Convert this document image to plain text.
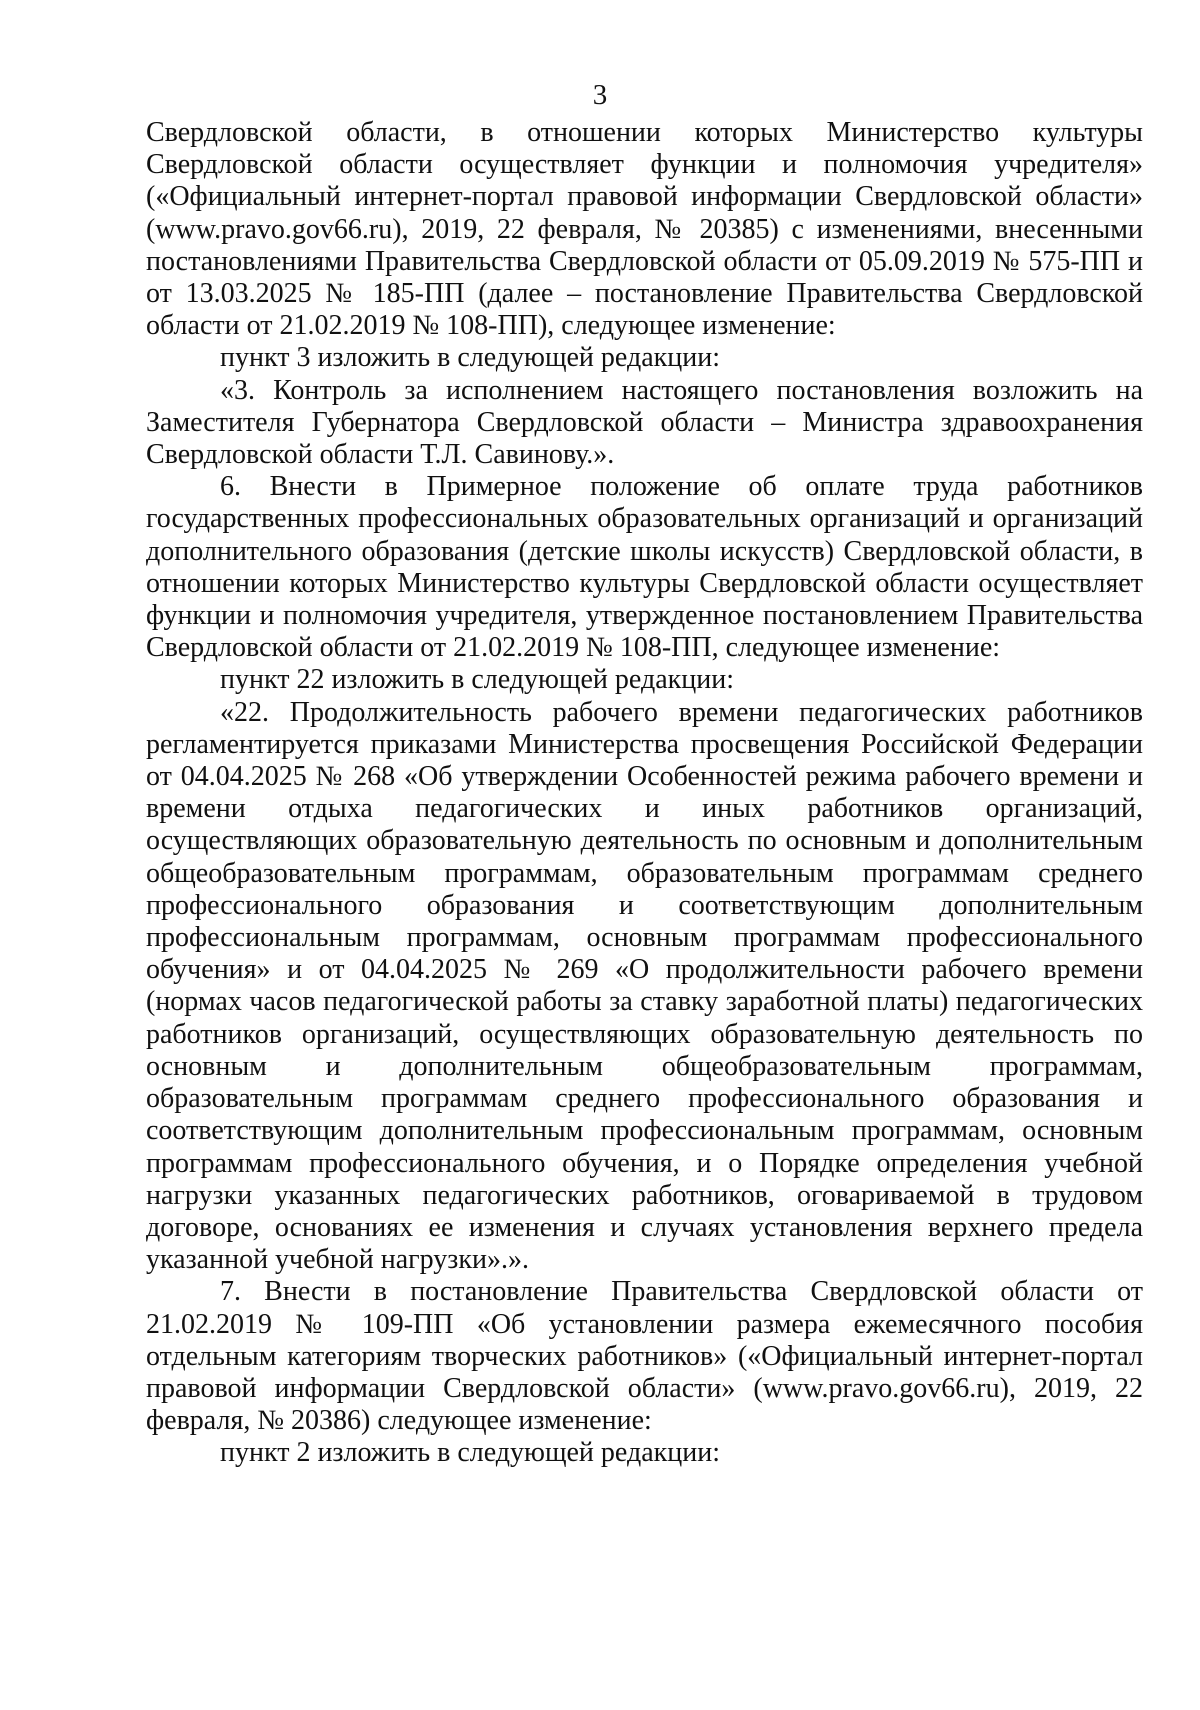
3

Свердловской области, в отношении которых Министерство культуры Свердловской области осуществляет функции и полномочия учредителя» («Официальный интернет-портал правовой информации Свердловской области» (www.pravo.gov66.ru), 2019, 22 февраля, № 20385) с изменениями, внесенными постановлениями Правительства Свердловской области от 05.09.2019 № 575-ПП и от 13.03.2025 № 185-ПП (далее – постановление Правительства Свердловской области от 21.02.2019 № 108-ПП), следующее изменение:

пункт 3 изложить в следующей редакции:

«3. Контроль за исполнением настоящего постановления возложить на Заместителя Губернатора Свердловской области – Министра здравоохранения Свердловской области Т.Л. Савинову.».

6. Внести в Примерное положение об оплате труда работников государственных профессиональных образовательных организаций и организаций дополнительного образования (детские школы искусств) Свердловской области, в отношении которых Министерство культуры Свердловской области осуществляет функции и полномочия учредителя, утвержденное постановлением Правительства Свердловской области от 21.02.2019 № 108-ПП, следующее изменение:

пункт 22 изложить в следующей редакции:

«22. Продолжительность рабочего времени педагогических работников регламентируется приказами Министерства просвещения Российской Федерации от 04.04.2025 № 268 «Об утверждении Особенностей режима рабочего времени и времени отдыха педагогических и иных работников организаций, осуществляющих образовательную деятельность по основным и дополнительным общеобразовательным программам, образовательным программам среднего профессионального образования и соответствующим дополнительным профессиональным программам, основным программам профессионального обучения» и от 04.04.2025 № 269 «О продолжительности рабочего времени (нормах часов педагогической работы за ставку заработной платы) педагогических работников организаций, осуществляющих образовательную деятельность по основным и дополнительным общеобразовательным программам, образовательным программам среднего профессионального образования и соответствующим дополнительным профессиональным программам, основным программам профессионального обучения, и о Порядке определения учебной нагрузки указанных педагогических работников, оговариваемой в трудовом договоре, основаниях ее изменения и случаях установления верхнего предела указанной учебной нагрузки».».

7. Внести в постановление Правительства Свердловской области от 21.02.2019 № 109-ПП «Об установлении размера ежемесячного пособия отдельным категориям творческих работников» («Официальный интернет-портал правовой информации Свердловской области» (www.pravo.gov66.ru), 2019, 22 февраля, № 20386) следующее изменение:

пункт 2 изложить в следующей редакции:
